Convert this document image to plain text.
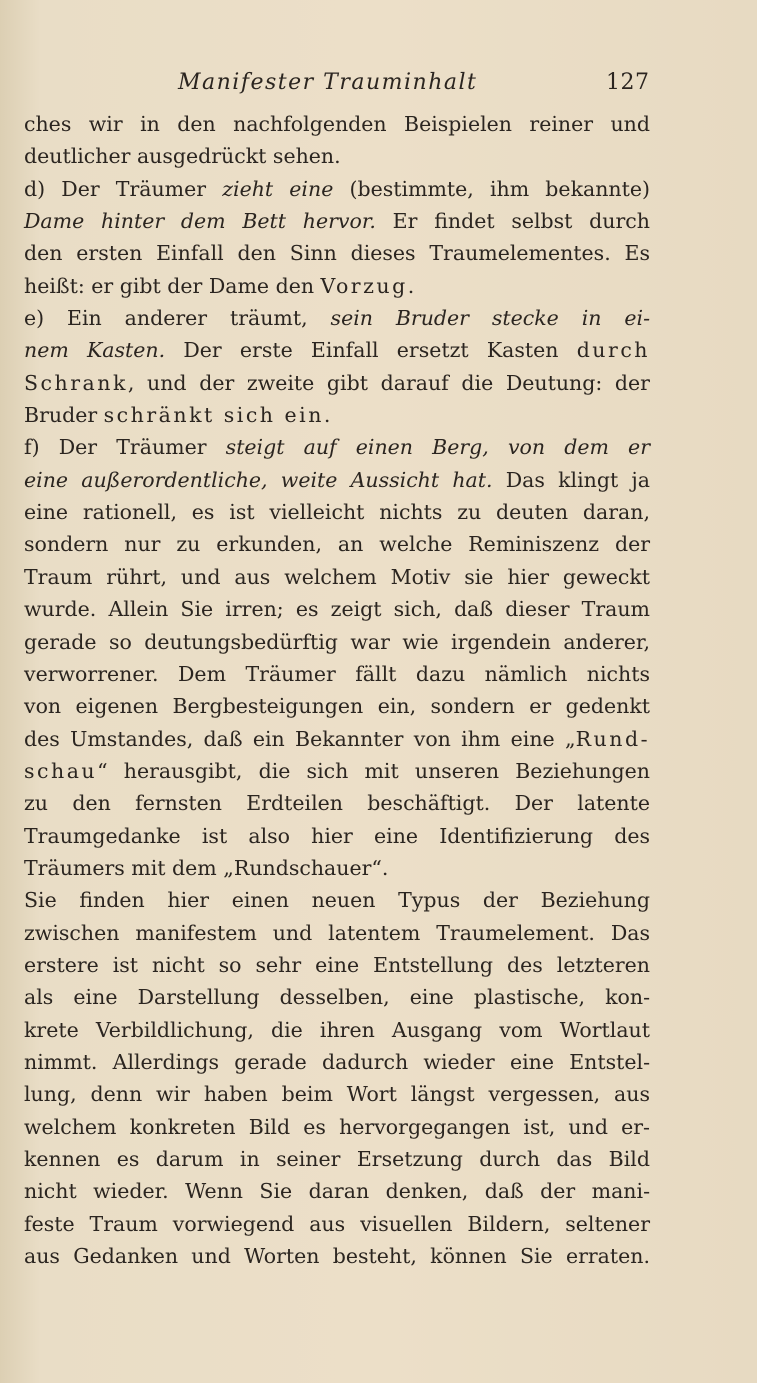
Manifester Trauminhalt	127
ches wir in den nachfolgenden Beispielen reiner und
deutlicher ausgedrückt sehen.
d) Der Träumer zieht eine (bestimmte, ihm bekannte)
Dame hinter dem Bett hervor. Er findet selbst durch
den ersten Einfall den Sinn dieses Traumelementes. Es
heißt: er gibt der Dame den Vorzug.
e) Ein anderer träumt, sein Bruder stecke in ei-
nem Kasten. Der erste Einfall ersetzt Kasten durch
Schrank, und der zweite gibt darauf die Deutung: der
Bruder schränkt sich ein.
f) Der Träumer steigt auf einen Berg, von dem er
eine außerordentliche, weite Aussicht hat. Das klingt ja
eine rationell, es ist vielleicht nichts zu deuten daran,
sondern nur zu erkunden, an welche Reminiszenz der
Traum rührt, und aus welchem Motiv sie hier geweckt
wurde. Allein Sie irren; es zeigt sich, daß dieser Traum
gerade so deutungsbedürftig war wie irgendein anderer,
verworrener. Dem Träumer fällt dazu nämlich nichts
von eigenen Bergbesteigungen ein, sondern er gedenkt
des Umstandes, daß ein Bekannter von ihm eine „Rund-
schau“ herausgibt, die sich mit unseren Beziehungen
zu den fernsten Erdteilen beschäftigt. Der latente
Traumgedanke ist also hier eine Identifizierung des
Träumers mit dem „Rundschauer“.
Sie finden hier einen neuen Typus der Beziehung
zwischen manifestem und latentem Traumelement. Das
erstere ist nicht so sehr eine Entstellung des letzteren
als eine Darstellung desselben, eine plastische, kon-
krete Verbildlichung, die ihren Ausgang vom Wortlaut
nimmt. Allerdings gerade dadurch wieder eine Entstel-
lung, denn wir haben beim Wort längst vergessen, aus
welchem konkreten Bild es hervorgegangen ist, und er-
kennen es darum in seiner Ersetzung durch das Bild
nicht wieder. Wenn Sie daran denken, daß der mani-
feste Traum vorwiegend aus visuellen Bildern, seltener
aus Gedanken und Worten besteht, können Sie erraten.
